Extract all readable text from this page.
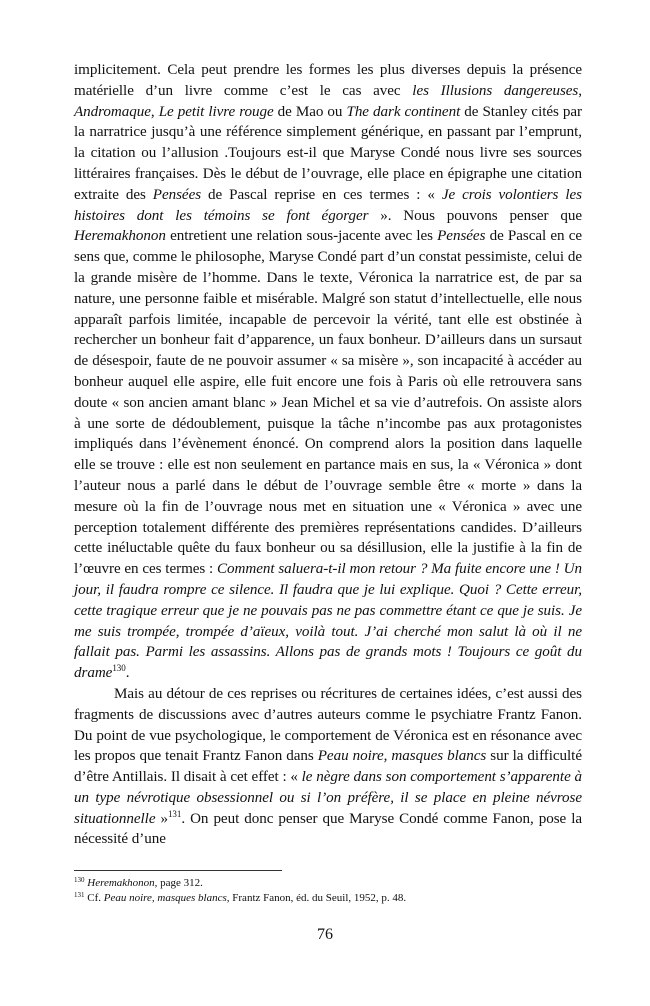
implicitement. Cela peut prendre les formes les plus diverses depuis la présence matérielle d’un livre comme c’est le cas avec les Illusions dangereuses, Andromaque, Le petit livre rouge de Mao ou The dark continent de Stanley cités par la narratrice jusqu’à une référence simplement générique, en passant par l’emprunt, la citation ou l’allusion .Toujours est-il que Maryse Condé nous livre ses sources littéraires françaises. Dès le début de l’ouvrage, elle place en épigraphe une citation extraite des Pensées de Pascal reprise en ces termes : « Je crois volontiers les histoires dont les témoins se font égorger ». Nous pouvons penser que Heremakhonon entretient une relation sous-jacente avec les Pensées de Pascal en ce sens que, comme le philosophe, Maryse Condé part d’un constat pessimiste, celui de la grande misère de l’homme. Dans le texte, Véronica la narratrice est, de par sa nature, une personne faible et misérable. Malgré son statut d’intellectuelle, elle nous apparaît parfois limitée, incapable de percevoir la vérité, tant elle est obstinée à rechercher un bonheur fait d’apparence, un faux bonheur. D’ailleurs dans un sursaut de désespoir, faute de ne pouvoir assumer « sa misère », son incapacité à accéder au bonheur auquel elle aspire, elle fuit encore une fois à Paris où elle retrouvera sans doute « son ancien amant blanc » Jean Michel et sa vie d’autrefois. On assiste alors à une sorte de dédoublement, puisque la tâche n’incombe pas aux protagonistes impliqués dans l’évènement énoncé. On comprend alors la position dans laquelle elle se trouve : elle est non seulement en partance mais en sus, la « Véronica » dont l’auteur nous a parlé dans le début de l’ouvrage semble être « morte » dans la mesure où la fin de l’ouvrage nous met en situation une « Véronica » avec une perception totalement différente des premières représentations candides. D’ailleurs cette inéluctable quête du faux bonheur ou sa désillusion, elle la justifie à la fin de l’œuvre en ces termes : Comment saluera-t-il mon retour ? Ma fuite encore une ! Un jour, il faudra rompre ce silence. Il faudra que je lui explique. Quoi ? Cette erreur, cette tragique erreur que je ne pouvais pas ne pas commettre étant ce que je suis. Je me suis trompée, trompée d’aïeux, voilà tout. J’ai cherché mon salut là où il ne fallait pas. Parmi les assassins. Allons pas de grands mots ! Toujours ce goût du drame$^{130}$.

Mais au détour de ces reprises ou récritures de certaines idées, c’est aussi des fragments de discussions avec d’autres auteurs comme le psychiatre Frantz Fanon. Du point de vue psychologique, le comportement de Véronica est en résonance avec les propos que tenait Frantz Fanon dans Peau noire, masques blancs sur la difficulté d’être Antillais. Il disait à cet effet : « le nègre dans son comportement s’apparente à un type névrotique obsessionnel ou si l’on préfère, il se place en pleine névrose situationnelle »$^{131}$. On peut donc penser que Maryse Condé comme Fanon, pose la nécessité d’une

$^{130}$ Heremakhonon, page 312.

$^{131}$ Cf. Peau noire, masques blancs, Frantz Fanon, éd. du Seuil, 1952, p. 48.

76
